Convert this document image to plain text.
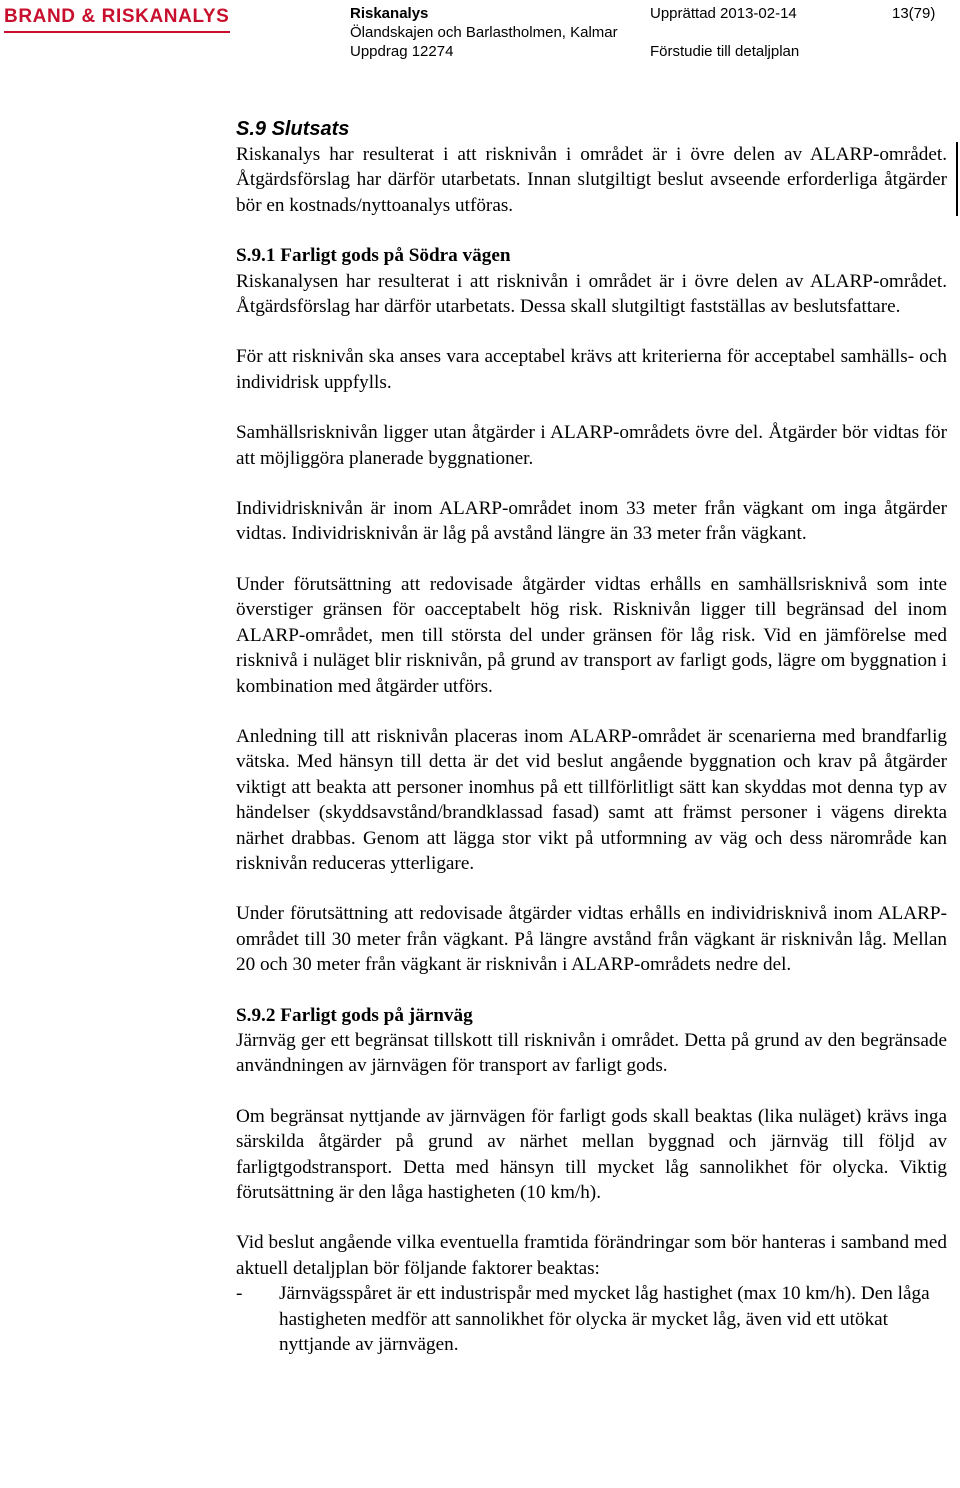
BRAND & RISKANALYS	Riskanalys
Ölandskajen och Barlastholmen, Kalmar
Uppdrag 12274
Upprättad 2013-02-14

Förstudie till detaljplan
13(79)
S.9 Slutsats

Riskanalys har resulterat i att risknivån i området är i övre delen av ALARP-området. Åtgärdsförslag har därför utarbetats. Innan slutgiltigt beslut avseende erforderliga åtgärder bör en kostnads/nyttoanalys utföras.

S.9.1 Farligt gods på Södra vägen

Riskanalysen har resulterat i att risknivån i området är i övre delen av ALARP-området. Åtgärdsförslag har därför utarbetats. Dessa skall slutgiltigt fastställas av beslutsfattare.

För att risknivån ska anses vara acceptabel krävs att kriterierna för acceptabel samhälls- och individrisk uppfylls.

Samhällsrisknivån ligger utan åtgärder i ALARP-områdets övre del. Åtgärder bör vidtas för att möjliggöra planerade byggnationer.

Individrisknivån är inom ALARP-området inom 33 meter från vägkant om inga åtgärder vidtas. Individrisknivån är låg på avstånd längre än 33 meter från vägkant.

Under förutsättning att redovisade åtgärder vidtas erhålls en samhällsrisknivå som inte överstiger gränsen för oacceptabelt hög risk. Risknivån ligger till begränsad del inom ALARP-området, men till största del under gränsen för låg risk. Vid en jämförelse med risknivå i nuläget blir risknivån, på grund av transport av farligt gods, lägre om byggnation i kombination med åtgärder utförs.

Anledning till att risknivån placeras inom ALARP-området är scenarierna med brandfarlig vätska. Med hänsyn till detta är det vid beslut angående byggnation och krav på åtgärder viktigt att beakta att personer inomhus på ett tillförlitligt sätt kan skyddas mot denna typ av händelser (skyddsavstånd/brandklassad fasad) samt att främst personer i vägens direkta närhet drabbas. Genom att lägga stor vikt på utformning av väg och dess närområde kan risknivån reduceras ytterligare.

Under förutsättning att redovisade åtgärder vidtas erhålls en individrisknivå inom ALARP-området till 30 meter från vägkant. På längre avstånd från vägkant är risknivån låg. Mellan 20 och 30 meter från vägkant är risknivån i ALARP-områdets nedre del.

S.9.2 Farligt gods på järnväg

Järnväg ger ett begränsat tillskott till risknivån i området. Detta på grund av den begränsade användningen av järnvägen för transport av farligt gods.

Om begränsat nyttjande av järnvägen för farligt gods skall beaktas (lika nuläget) krävs inga särskilda åtgärder på grund av närhet mellan byggnad och järnväg till följd av farligtgodstransport. Detta med hänsyn till mycket låg sannolikhet för olycka. Viktig förutsättning är den låga hastigheten (10 km/h).

Vid beslut angående vilka eventuella framtida förändringar som bör hanteras i samband med aktuell detaljplan bör följande faktorer beaktas:

- Järnvägsspåret är ett industrispår med mycket låg hastighet (max 10 km/h). Den låga hastigheten medför att sannolikhet för olycka är mycket låg, även vid ett utökat nyttjande av järnvägen.
